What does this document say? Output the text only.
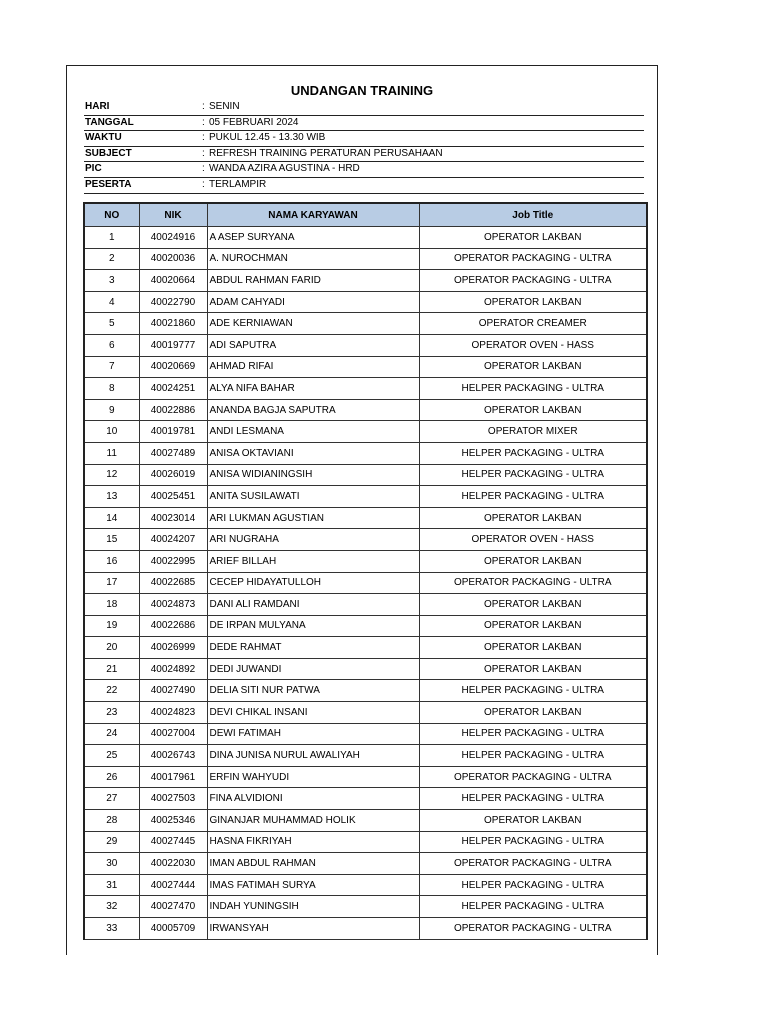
UNDANGAN TRAINING
HARI	: SENIN
TANGGAL	: 05 FEBRUARI 2024
WAKTU	: PUKUL 12.45 - 13.30 WIB
SUBJECT	: REFRESH TRAINING PERATURAN PERUSAHAAN
PIC	: WANDA AZIRA AGUSTINA - HRD
PESERTA	: TERLAMPIR
NO	NIK	NAMA KARYAWAN	Job Title
1	40024916	A ASEP SURYANA	OPERATOR LAKBAN
2	40020036	A. NUROCHMAN	OPERATOR PACKAGING - ULTRA
3	40020664	ABDUL RAHMAN FARID	OPERATOR PACKAGING - ULTRA
4	40022790	ADAM CAHYADI	OPERATOR LAKBAN
5	40021860	ADE KERNIAWAN	OPERATOR CREAMER
6	40019777	ADI SAPUTRA	OPERATOR OVEN - HASS
7	40020669	AHMAD RIFAI	OPERATOR LAKBAN
8	40024251	ALYA NIFA BAHAR	HELPER PACKAGING - ULTRA
9	40022886	ANANDA BAGJA SAPUTRA	OPERATOR LAKBAN
10	40019781	ANDI LESMANA	OPERATOR MIXER
11	40027489	ANISA OKTAVIANI	HELPER PACKAGING - ULTRA
12	40026019	ANISA WIDIANINGSIH	HELPER PACKAGING - ULTRA
13	40025451	ANITA SUSILAWATI	HELPER PACKAGING - ULTRA
14	40023014	ARI LUKMAN AGUSTIAN	OPERATOR LAKBAN
15	40024207	ARI NUGRAHA	OPERATOR OVEN - HASS
16	40022995	ARIEF BILLAH	OPERATOR LAKBAN
17	40022685	CECEP HIDAYATULLOH	OPERATOR PACKAGING - ULTRA
18	40024873	DANI ALI RAMDANI	OPERATOR LAKBAN
19	40022686	DE IRPAN MULYANA	OPERATOR LAKBAN
20	40026999	DEDE RAHMAT	OPERATOR LAKBAN
21	40024892	DEDI JUWANDI	OPERATOR LAKBAN
22	40027490	DELIA SITI NUR PATWA	HELPER PACKAGING - ULTRA
23	40024823	DEVI CHIKAL INSANI	OPERATOR LAKBAN
24	40027004	DEWI FATIMAH	HELPER PACKAGING - ULTRA
25	40026743	DINA JUNISA NURUL AWALIYAH	HELPER PACKAGING - ULTRA
26	40017961	ERFIN WAHYUDI	OPERATOR PACKAGING - ULTRA
27	40027503	FINA ALVIDIONI	HELPER PACKAGING - ULTRA
28	40025346	GINANJAR MUHAMMAD HOLIK	OPERATOR LAKBAN
29	40027445	HASNA FIKRIYAH	HELPER PACKAGING - ULTRA
30	40022030	IMAN ABDUL RAHMAN	OPERATOR PACKAGING - ULTRA
31	40027444	IMAS FATIMAH SURYA	HELPER PACKAGING - ULTRA
32	40027470	INDAH YUNINGSIH	HELPER PACKAGING - ULTRA
33	40005709	IRWANSYAH	OPERATOR PACKAGING - ULTRA
